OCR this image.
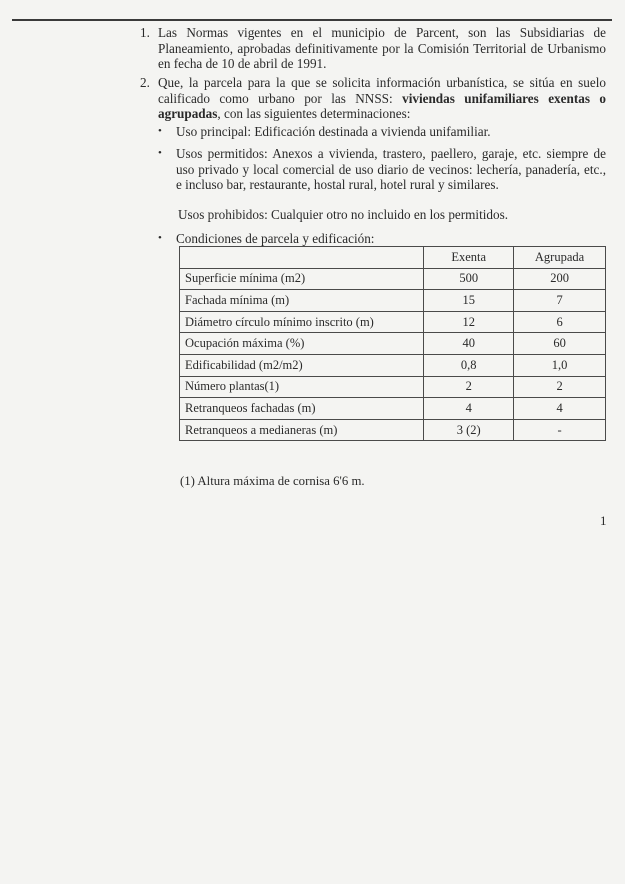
1. Las Normas vigentes en el municipio de Parcent, son las Subsidiarias de Planeamiento, aprobadas definitivamente por la Comisión Territorial de Urbanismo en fecha de 10 de abril de 1991.
2. Que, la parcela para la que se solicita información urbanística, se sitúa en suelo calificado como urbano por las NNSS: viviendas unifamiliares exentas o agrupadas, con las siguientes determinaciones:
• Uso principal: Edificación destinada a vivienda unifamiliar.
• Usos permitidos: Anexos a vivienda, trastero, paellero, garaje, etc. siempre de uso privado y local comercial de uso diario de vecinos: lechería, panadería, etc., e incluso bar, restaurante, hostal rural, hotel rural y similares.
Usos prohibidos: Cualquier otro no incluido en los permitidos.
• Condiciones de parcela y edificación:
	Exenta	Agrupada
Superficie mínima (m2)	500	200
Fachada mínima (m)	15	7
Diámetro círculo mínimo inscrito (m)	12	6
Ocupación máxima (%)	40	60
Edificabilidad (m2/m2)	0,8	1,0
Número plantas(1)	2	2
Retranqueos fachadas (m)	4	4
Retranqueos a medianeras (m)	3 (2)	-
(1) Altura máxima de cornisa 6'6 m.
1
